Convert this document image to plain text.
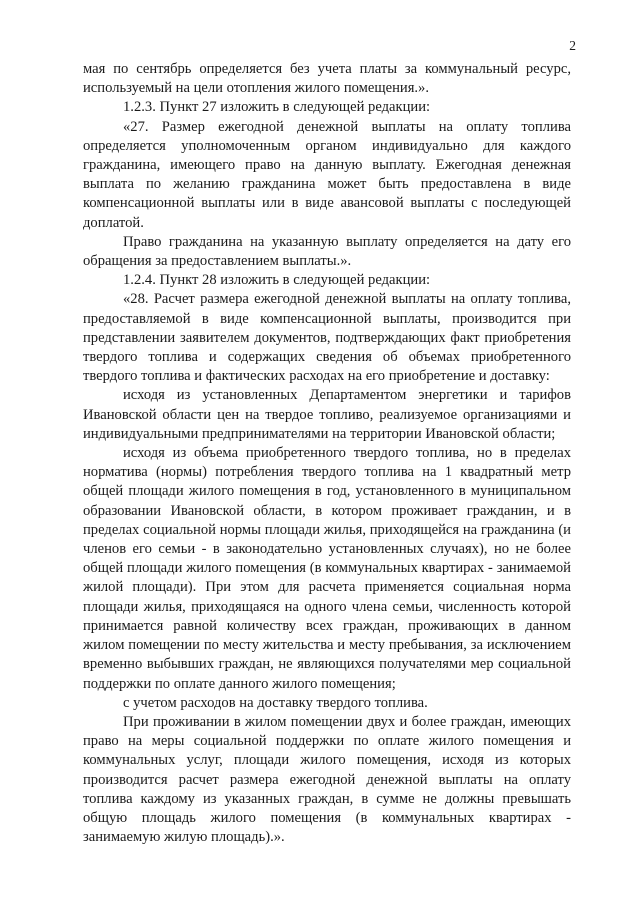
2

мая по сентябрь определяется без учета платы за коммунальный ресурс, используемый на цели отопления жилого помещения.».

1.2.3. Пункт 27 изложить в следующей редакции:

«27. Размер ежегодной денежной выплаты на оплату топлива определяется уполномоченным органом индивидуально для каждого гражданина, имеющего право на данную выплату. Ежегодная денежная выплата по желанию гражданина может быть предоставлена в виде компенсационной выплаты или в виде авансовой выплаты с последующей доплатой.

Право гражданина на указанную выплату определяется на дату его обращения за предоставлением выплаты.».

1.2.4. Пункт 28 изложить в следующей редакции:

«28. Расчет размера ежегодной денежной выплаты на оплату топлива, предоставляемой в виде компенсационной выплаты, производится при представлении заявителем документов, подтверждающих факт приобретения твердого топлива и содержащих сведения об объемах приобретенного твердого топлива и фактических расходах на его приобретение и доставку:

исходя из установленных Департаментом энергетики и тарифов Ивановской области цен на твердое топливо, реализуемое организациями и индивидуальными предпринимателями на территории Ивановской области;

исходя из объема приобретенного твердого топлива, но в пределах норматива (нормы) потребления твердого топлива на 1 квадратный метр общей площади жилого помещения в год, установленного в муниципальном образовании Ивановской области, в котором проживает гражданин, и в пределах социальной нормы площади жилья, приходящейся на гражданина (и членов его семьи - в законодательно установленных случаях), но не более общей площади жилого помещения (в коммунальных квартирах - занимаемой жилой площади). При этом для расчета применяется социальная норма площади жилья, приходящаяся на одного члена семьи, численность которой принимается равной количеству всех граждан, проживающих в данном жилом помещении по месту жительства и месту пребывания, за исключением временно выбывших граждан, не являющихся получателями мер социальной поддержки по оплате данного жилого помещения;

с учетом расходов на доставку твердого топлива.

При проживании в жилом помещении двух и более граждан, имеющих право на меры социальной поддержки по оплате жилого помещения и коммунальных услуг, площади жилого помещения, исходя из которых производится расчет размера ежегодной денежной выплаты на оплату топлива каждому из указанных граждан, в сумме не должны превышать общую площадь жилого помещения (в коммунальных квартирах - занимаемую жилую площадь).».
